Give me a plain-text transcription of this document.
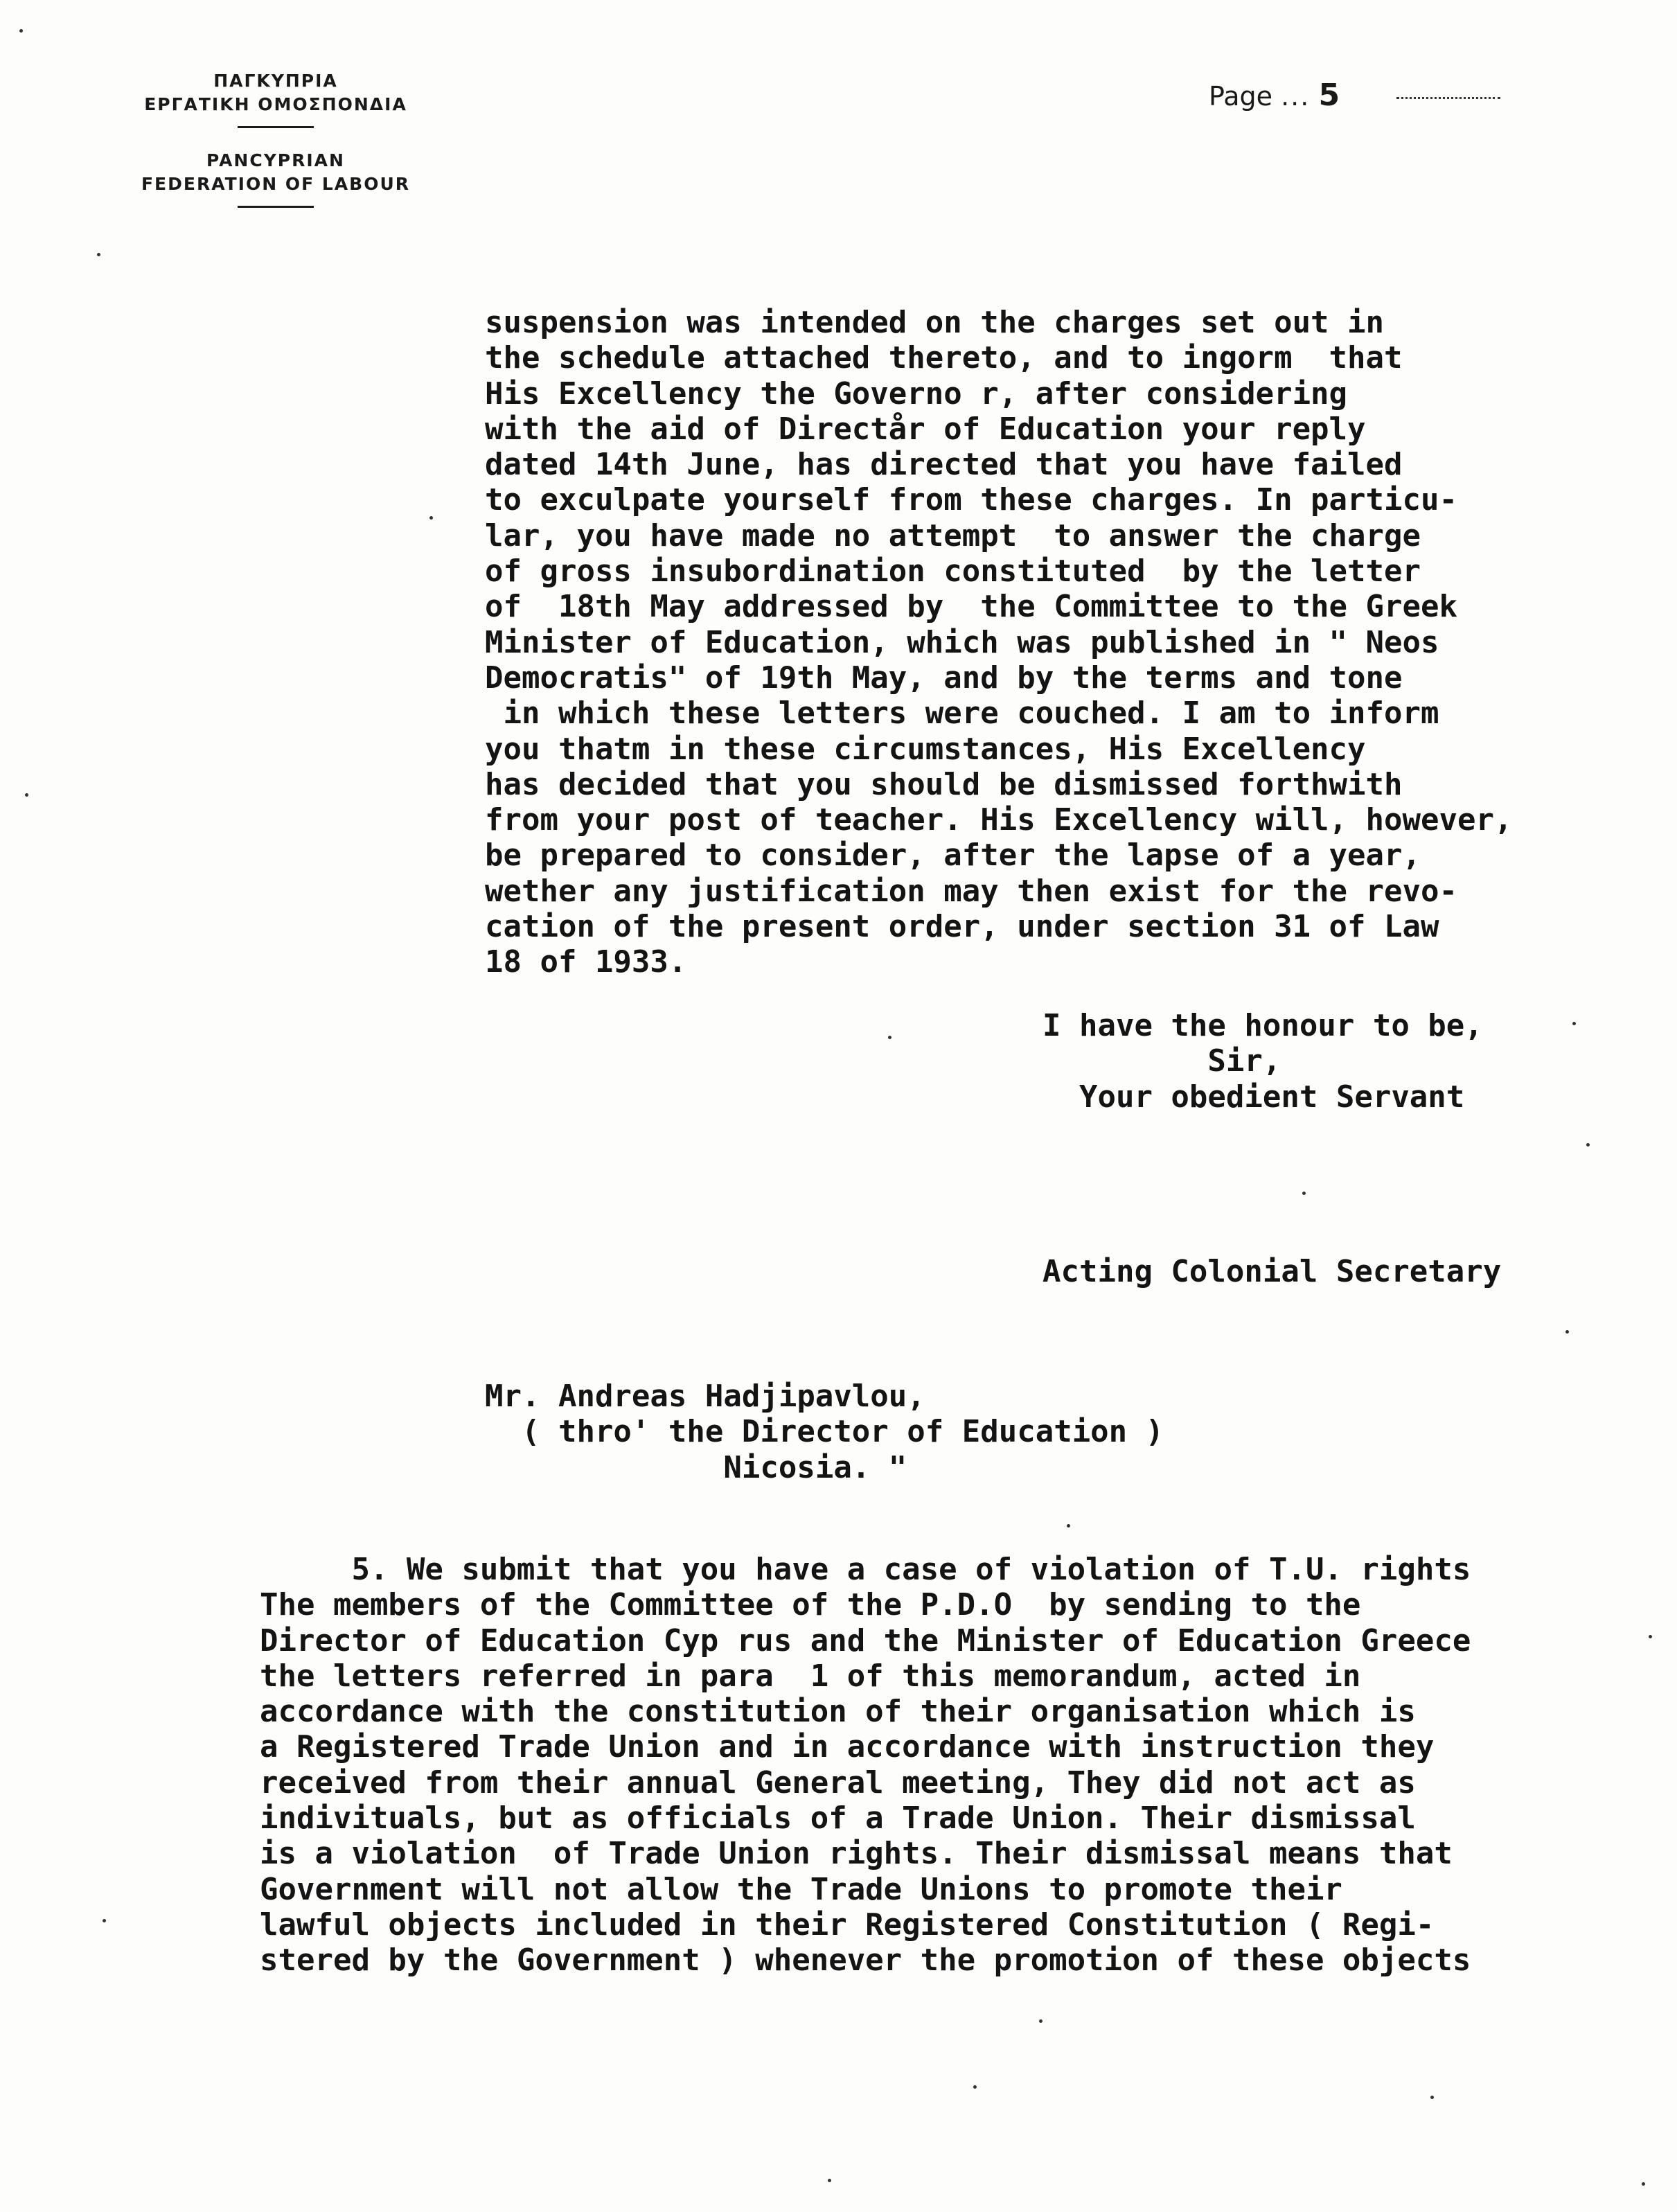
ΠΑΓΚΥΠΡΙΑ
ΕΡΓΑΤΙΚΗ ΟΜΟΣΠΟΝΔΙΑ
PANCYPRIAN
FEDERATION OF LABOUR
Page ... 5
suspension was intended on the charges set out in
the schedule attached thereto, and to ingorm  that
His Excellency the Governo r, after considering
with the aid of Directår of Education your reply
dated 14th June, has directed that you have failed
to exculpate yourself from these charges. In particu-
lar, you have made no attempt  to answer the charge
of gross insubordination constituted  by the letter
of  18th May addressed by  the Committee to the Greek
Minister of Education, which was published in " Neos
Democratis" of 19th May, and by the terms and tone
in which these letters were couched. I am to inform
you thatm in these circumstances, His Excellency
has decided that you should be dismissed forthwith
from your post of teacher. His Excellency will, however,
be prepared to consider, after the lapse of a year,
wether any justification may then exist for the revo-
cation of the present order, under section 31 of Law
18 of 1933.
I have the honour to be,
Sir,
Your obedient Servant
Acting Colonial Secretary
Mr. Andreas Hadjipavlou,
( thro' the Director of Education )
Nicosia. "
5. We submit that you have a case of violation of T.U. rights
The members of the Committee of the P.D.O  by sending to the
Director of Education Cyp rus and the Minister of Education Greece
the letters referred in para  1 of this memorandum, acted in
accordance with the constitution of their organisation which is
a Registered Trade Union and in accordance with instruction they
received from their annual General meeting, They did not act as
indivituals, but as officials of a Trade Union. Their dismissal
is a violation  of Trade Union rights. Their dismissal means that
Government will not allow the Trade Unions to promote their
lawful objects included in their Registered Constitution ( Regi-
stered by the Government ) whenever the promotion of these objects
